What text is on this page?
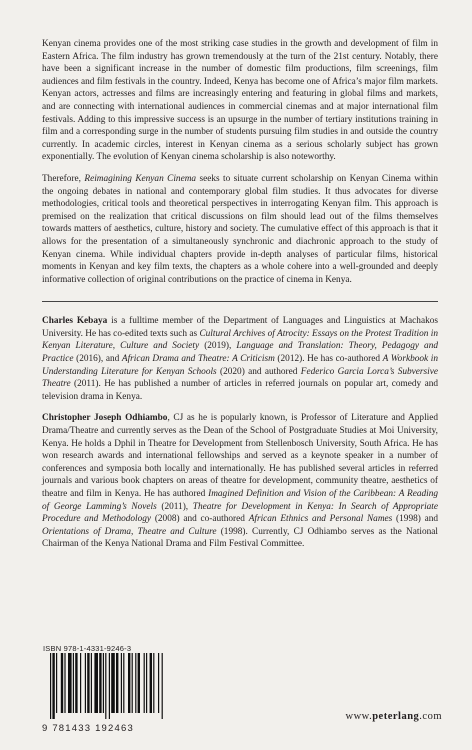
Kenyan cinema provides one of the most striking case studies in the growth and development of film in Eastern Africa. The film industry has grown tremendously at the turn of the 21st century. Notably, there have been a significant increase in the number of domestic film productions, film screenings, film audiences and film festivals in the country. Indeed, Kenya has become one of Africa’s major film markets. Kenyan actors, actresses and films are increasingly entering and featuring in global films and markets, and are connecting with international audiences in commercial cinemas and at major international film festivals. Adding to this impressive success is an upsurge in the number of tertiary institutions training in film and a corresponding surge in the number of students pursuing film studies in and outside the country currently. In academic circles, interest in Kenyan cinema as a serious scholarly subject has grown exponentially. The evolution of Kenyan cinema scholarship is also noteworthy.

Therefore, Reimagining Kenyan Cinema seeks to situate current scholarship on Kenyan Cinema within the ongoing debates in national and contemporary global film studies. It thus advocates for diverse methodologies, critical tools and theoretical perspectives in interrogating Kenyan film. This approach is premised on the realization that critical discussions on film should lead out of the films themselves towards matters of aesthetics, culture, history and society. The cumulative effect of this approach is that it allows for the presentation of a simultaneously synchronic and diachronic approach to the study of Kenyan cinema. While individual chapters provide in-depth analyses of particular films, historical moments in Kenyan and key film texts, the chapters as a whole cohere into a well-grounded and deeply informative collection of original contributions on the practice of cinema in Kenya.

Charles Kebaya is a fulltime member of the Department of Languages and Linguistics at Machakos University. He has co-edited texts such as Cultural Archives of Atrocity: Essays on the Protest Tradition in Kenyan Literature, Culture and Society (2019), Language and Translation: Theory, Pedagogy and Practice (2016), and African Drama and Theatre: A Criticism (2012). He has co-authored A Workbook in Understanding Literature for Kenyan Schools (2020) and authored Federico Garcia Lorca’s Subversive Theatre (2011). He has published a number of articles in referred journals on popular art, comedy and television drama in Kenya.

Christopher Joseph Odhiambo, CJ as he is popularly known, is Professor of Literature and Applied Drama/Theatre and currently serves as the Dean of the School of Postgraduate Studies at Moi University, Kenya. He holds a Dphil in Theatre for Development from Stellenbosch University, South Africa. He has won research awards and international fellowships and served as a keynote speaker in a number of conferences and symposia both locally and internationally. He has published several articles in referred journals and various book chapters on areas of theatre for development, community theatre, aesthetics of theatre and film in Kenya. He has authored Imagined Definition and Vision of the Caribbean: A Reading of George Lamming’s Novels (2011), Theatre for Development in Kenya: In Search of Appropriate Procedure and Methodology (2008) and co-authored African Ethnics and Personal Names (1998) and Orientations of Drama, Theatre and Culture (1998). Currently, CJ Odhiambo serves as the National Chairman of the Kenya National Drama and Film Festival Committee.

ISBN 978-1-4331-9246-3
9 781433 192463
www.peterlang.com
